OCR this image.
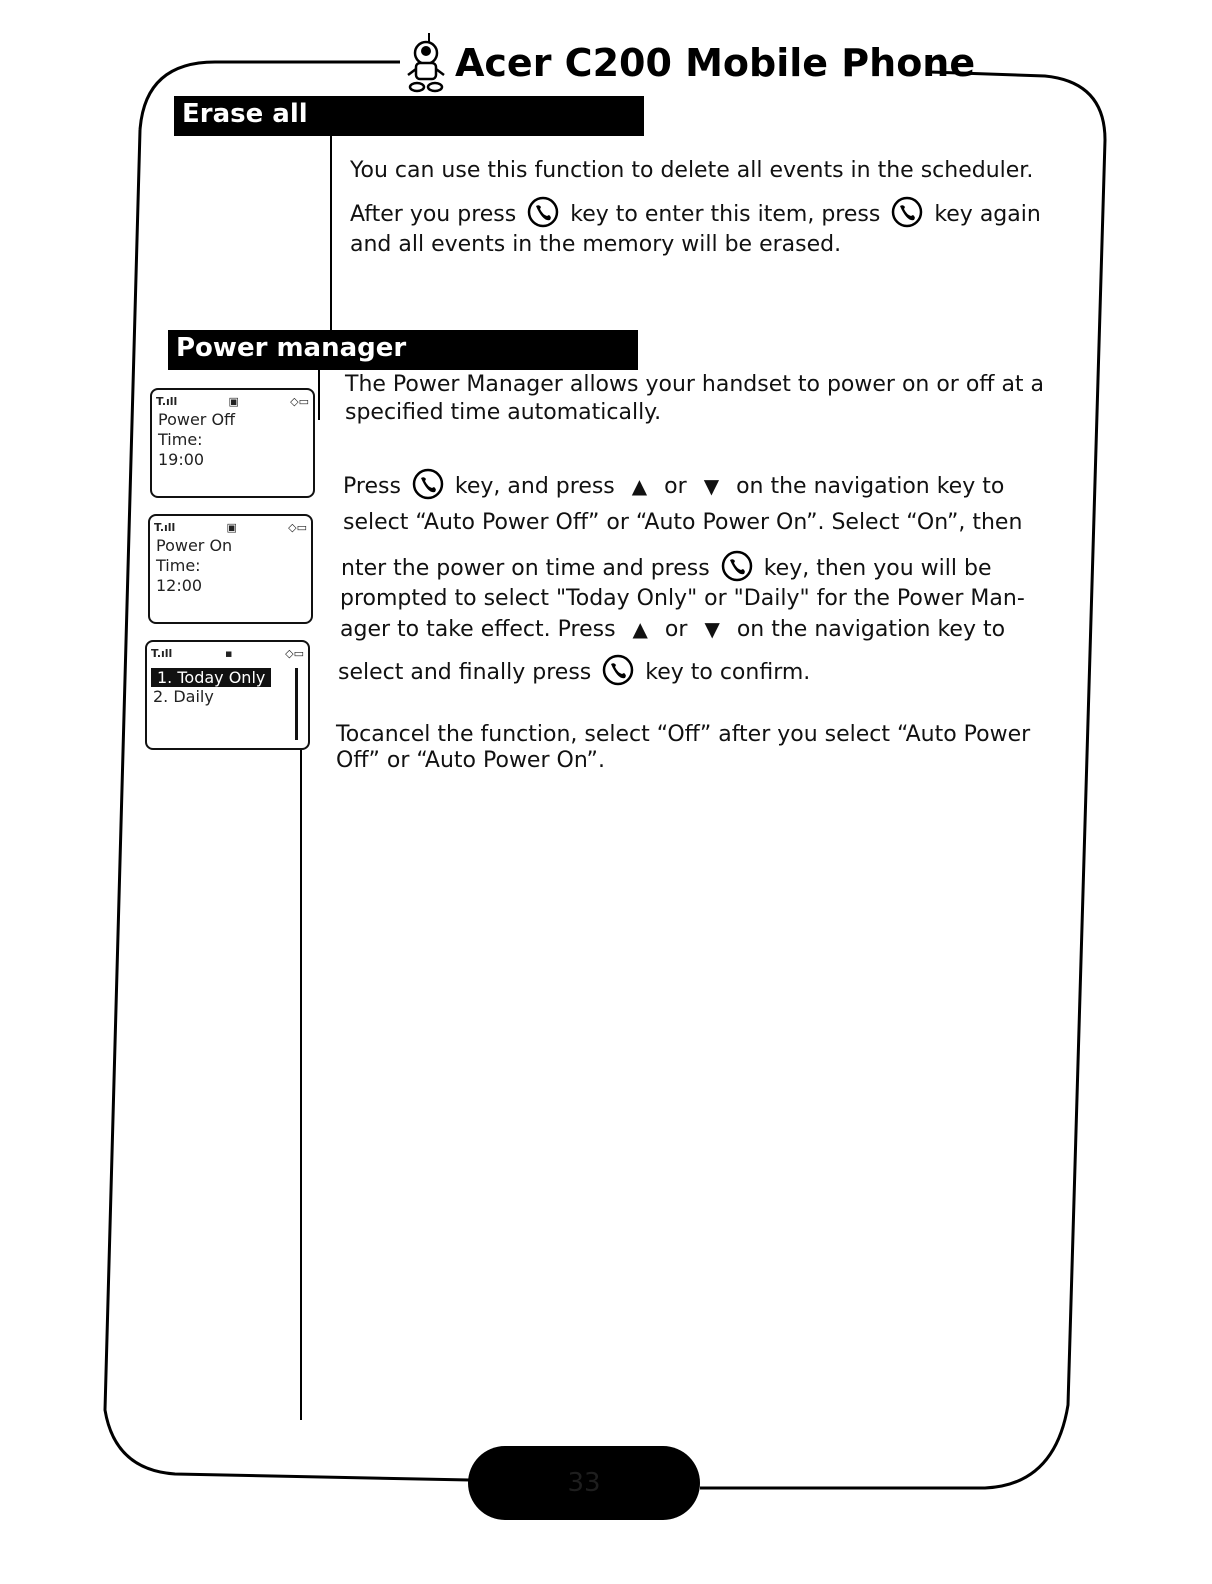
Acer C200 Mobile Phone
Erase all
Power manager

You can use this function to delete all events in the scheduler.

After you press key to enter this item, press key again

and all events in the memory will be erased.

The Power Manager allows your handset to power on or off at a

specified time automatically.

Press key, and press ▲ or ▼ on the navigation key to

select “Auto Power Off” or “Auto Power On”. Select “On”, then

nter the power on time and press key, then you will be

prompted to select "Today Only" or "Daily" for the Power Man-

ager to take effect. Press ▲ or ▼ on the navigation key to

select and finally press key to confirm.

Tocancel the function, select “Off” after you select “Auto Power

Off” or “Auto Power On”.

T.ıll	▣	◇▭
Power Off
Time:
19:00
T.ıll	▣	◇▭
Power On
Time:
12:00
T.ıll	▪	◇▭
1. Today Only
2. Daily
33
